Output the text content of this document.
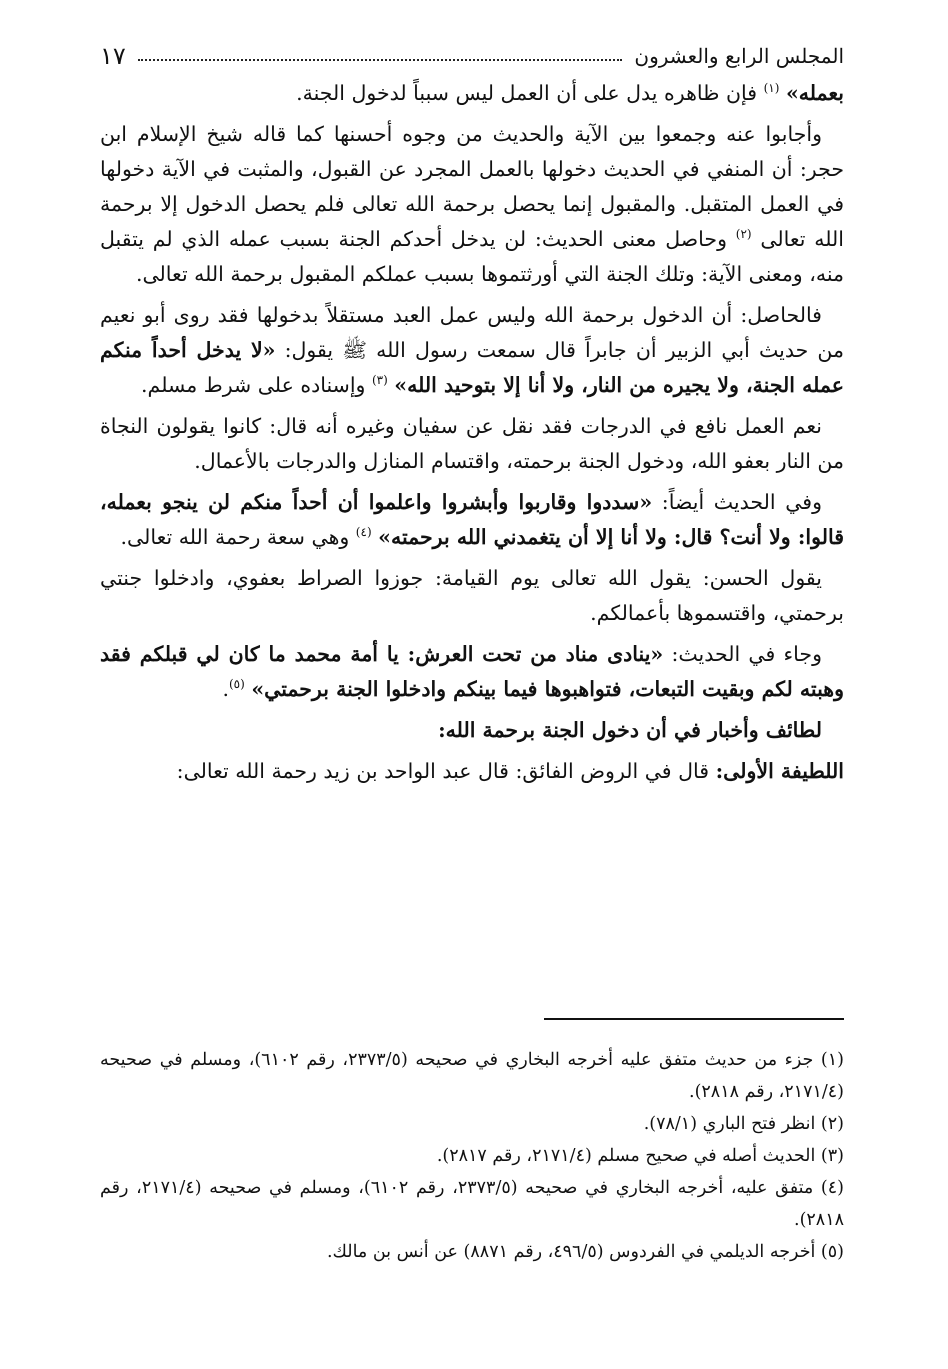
المجلس الرابع والعشرون
١٧

بعمله» $^{(١)}$ فإن ظاهره يدل على أن العمل ليس سبباً لدخول الجنة.

وأجابوا عنه وجمعوا بين الآية والحديث من وجوه أحسنها كما قاله شيخ الإسلام ابن حجر: أن المنفي في الحديث دخولها بالعمل المجرد عن القبول، والمثبت في الآية دخولها في العمل المتقبل. والمقبول إنما يحصل برحمة الله تعالى فلم يحصل الدخول إلا برحمة الله تعالى $^{(٢)}$ وحاصل معنى الحديث: لن يدخل أحدكم الجنة بسبب عمله الذي لم يتقبل منه، ومعنى الآية: وتلك الجنة التي أورثتموها بسبب عملكم المقبول برحمة الله تعالى.

فالحاصل: أن الدخول برحمة الله وليس عمل العبد مستقلاً بدخولها فقد روى أبو نعيم من حديث أبي الزبير أن جابراً قال سمعت رسول الله ﷺ يقول: «لا يدخل أحداً منكم عمله الجنة، ولا يجيره من النار، ولا أنا إلا بتوحيد الله» $^{(٣)}$ وإسناده على شرط مسلم.

نعم العمل نافع في الدرجات فقد نقل عن سفيان وغيره أنه قال: كانوا يقولون النجاة من النار بعفو الله، ودخول الجنة برحمته، واقتسام المنازل والدرجات بالأعمال.

وفي الحديث أيضاً: «سددوا وقاربوا وأبشروا واعلموا أن أحداً منكم لن ينجو بعمله، قالوا: ولا أنت؟ قال: ولا أنا إلا أن يتغمدني الله برحمته» $^{(٤)}$ وهي سعة رحمة الله تعالى.

يقول الحسن: يقول الله تعالى يوم القيامة: جوزوا الصراط بعفوي، وادخلوا جنتي برحمتي، واقتسموها بأعمالكم.

وجاء في الحديث: «ينادى مناد من تحت العرش: يا أمة محمد ما كان لي قبلكم فقد وهبته لكم وبقيت التبعات، فتواهبوها فيما بينكم وادخلوا الجنة برحمتي» $^{(٥)}$.

لطائف وأخبار في أن دخول الجنة برحمة الله:

اللطيفة الأولى: قال في الروض الفائق: قال عبد الواحد بن زيد رحمة الله تعالى:

(١) جزء من حديث متفق عليه أخرجه البخاري في صحيحه (٢٣٧٣/٥، رقم ٦١٠٢)، ومسلم في صحيحه (٢١٧١/٤، رقم ٢٨١٨).

(٢) انظر فتح الباري (٧٨/١).

(٣) الحديث أصله في صحيح مسلم (٢١٧١/٤، رقم ٢٨١٧).

(٤) متفق عليه، أخرجه البخاري في صحيحه (٢٣٧٣/٥، رقم ٦١٠٢)، ومسلم في صحيحه (٢١٧١/٤، رقم ٢٨١٨).

(٥) أخرجه الديلمي في الفردوس (٤٩٦/٥، رقم ٨٨٧١) عن أنس بن مالك.
